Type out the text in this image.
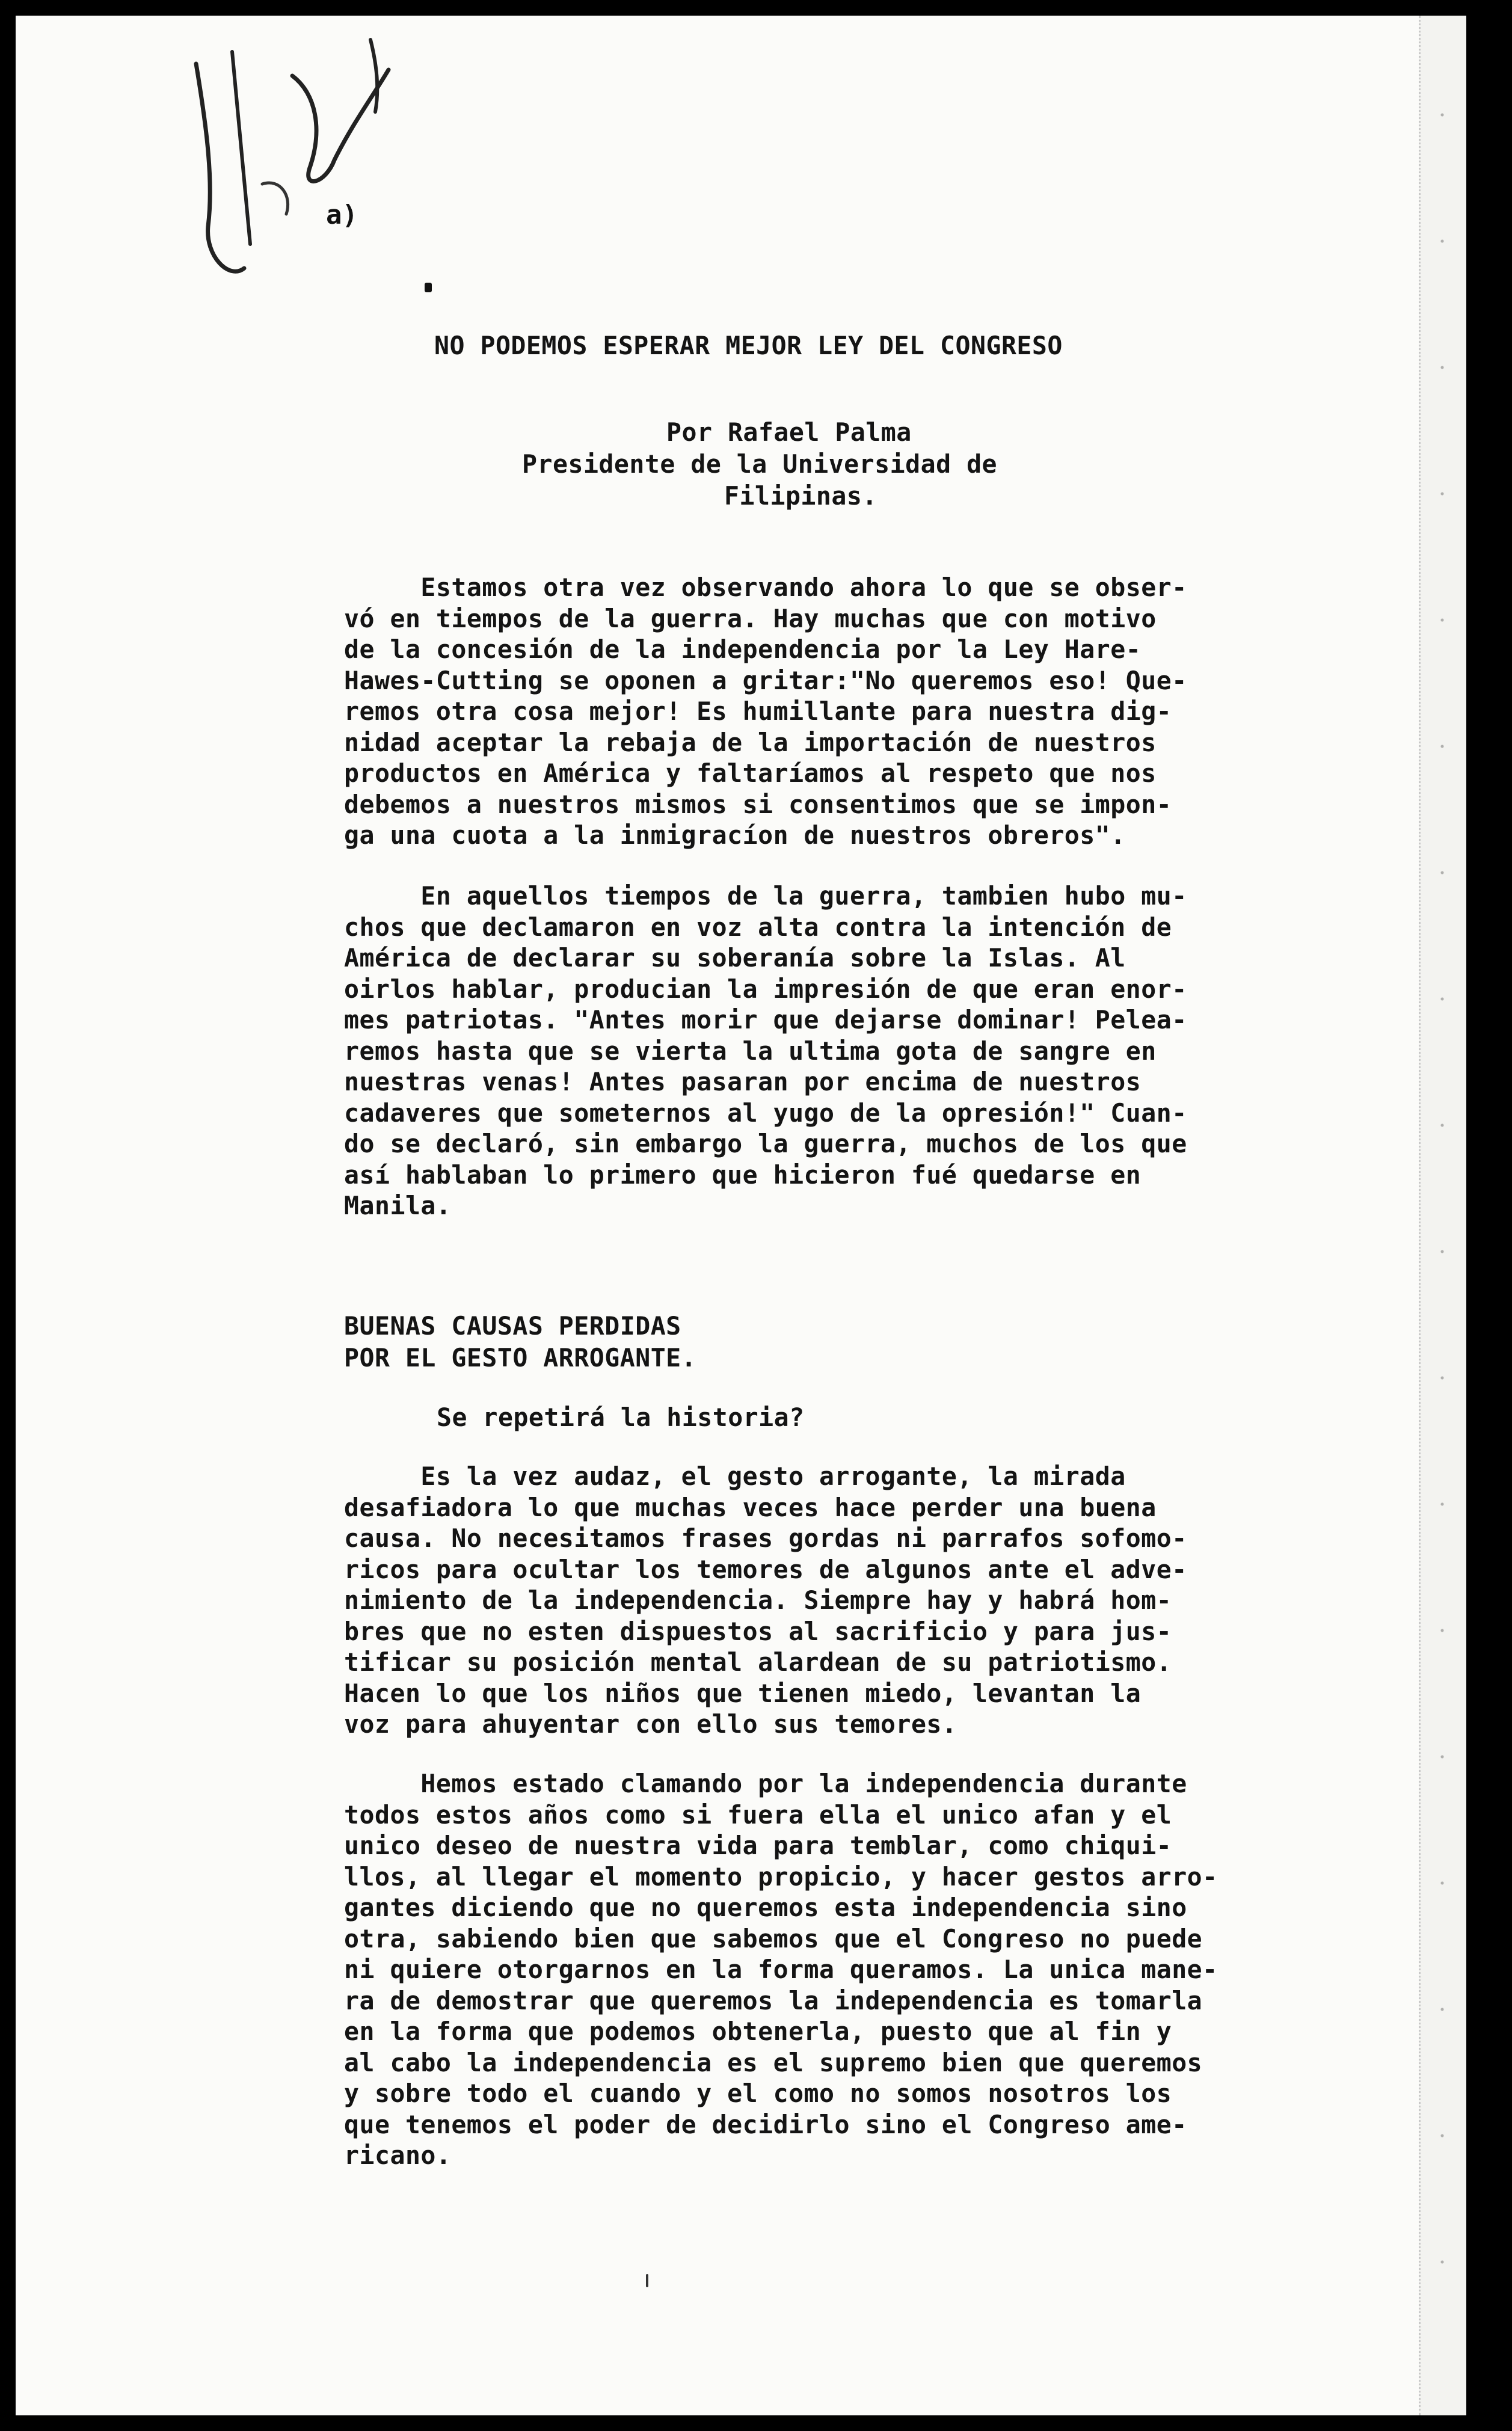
a)
NO PODEMOS ESPERAR MEJOR LEY DEL CONGRESO
Por Rafael Palma
Presidente de la Universidad de
Filipinas.
Estamos otra vez observando ahora lo que se obser-
vó en tiempos de la guerra. Hay muchas que con motivo
de la concesión de la independencia por la Ley Hare-
Hawes-Cutting se oponen a gritar:"No queremos eso! Que-
remos otra cosa mejor! Es humillante para nuestra dig-
nidad aceptar la rebaja de la importación de nuestros
productos en América y faltaríamos al respeto que nos
debemos a nuestros mismos si consentimos que se impon-
ga una cuota a la inmigracíon de nuestros obreros".
En aquellos tiempos de la guerra, tambien hubo mu-
chos que declamaron en voz alta contra la intención de
América de declarar su soberanía sobre la Islas. Al
oirlos hablar, producian la impresión de que eran enor-
mes patriotas. "Antes morir que dejarse dominar! Pelea-
remos hasta que se vierta la ultima gota de sangre en
nuestras venas! Antes pasaran por encima de nuestros
cadaveres que someternos al yugo de la opresión!" Cuan-
do se declaró, sin embargo la guerra, muchos de los que
así hablaban lo primero que hicieron fué quedarse en
Manila.
BUENAS CAUSAS PERDIDAS
POR EL GESTO ARROGANTE.
Se repetirá la historia?
Es la vez audaz, el gesto arrogante, la mirada
desafiadora lo que muchas veces hace perder una buena
causa. No necesitamos frases gordas ni parrafos sofomo-
ricos para ocultar los temores de algunos ante el adve-
nimiento de la independencia. Siempre hay y habrá hom-
bres que no esten dispuestos al sacrificio y para jus-
tificar su posición mental alardean de su patriotismo.
Hacen lo que los niños que tienen miedo, levantan la
voz para ahuyentar con ello sus temores.
Hemos estado clamando por la independencia durante
todos estos años como si fuera ella el unico afan y el
unico deseo de nuestra vida para temblar, como chiqui-
llos, al llegar el momento propicio, y hacer gestos arro-
gantes diciendo que no queremos esta independencia sino
otra, sabiendo bien que sabemos que el Congreso no puede
ni quiere otorgarnos en la forma queramos. La unica mane-
ra de demostrar que queremos la independencia es tomarla
en la forma que podemos obtenerla, puesto que al fin y
al cabo la independencia es el supremo bien que queremos
y sobre todo el cuando y el como no somos nosotros los
que tenemos el poder de decidirlo sino el Congreso ame-
ricano.
